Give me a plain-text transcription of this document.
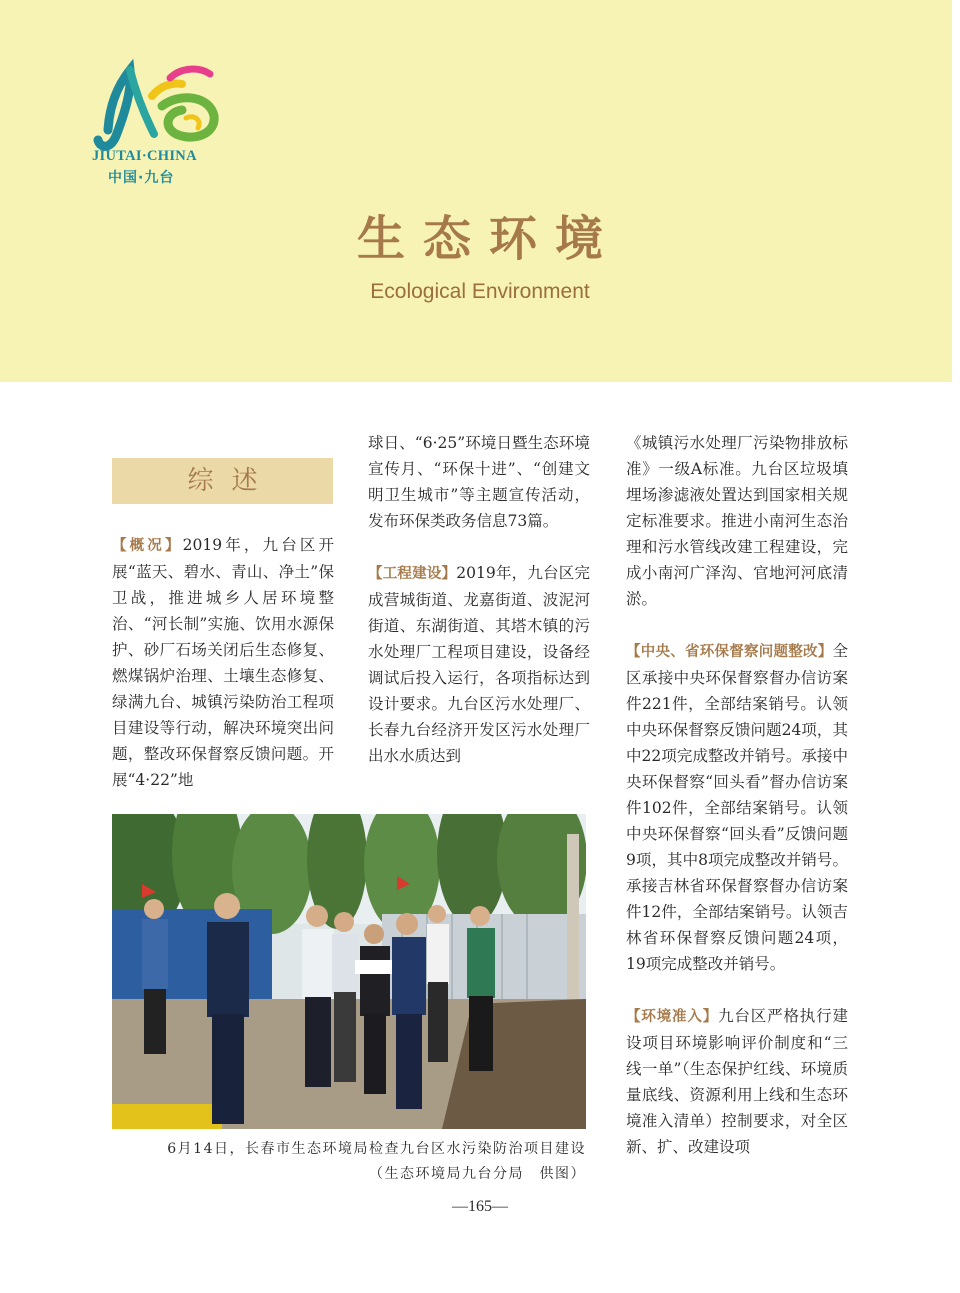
JIUTAI·CHINA
中国·九台
生态环境
Ecological Environment
综述

【概况】2019年，九台区开展“蓝天、碧水、青山、净土”保卫战，推进城乡人居环境整治、“河长制”实施、饮用水源保护、砂厂石场关闭后生态修复、燃煤锅炉治理、土壤生态修复、绿满九台、城镇污染防治工程项目建设等行动，解决环境突出问题，整改环保督察反馈问题。开展“4·22”地

球日、“6·25”环境日暨生态环境宣传月、“环保十进”、“创建文明卫生城市”等主题宣传活动，发布环保类政务信息73篇。

【工程建设】2019年，九台区完成营城街道、龙嘉街道、波泥河街道、东湖街道、其塔木镇的污水处理厂工程项目建设，设备经调试后投入运行，各项指标达到设计要求。九台区污水处理厂、长春九台经济开发区污水处理厂出水水质达到

《城镇污水处理厂污染物排放标准》一级A标准。九台区垃圾填埋场渗滤液处置达到国家相关规定标准要求。推进小南河生态治理和污水管线改建工程建设，完成小南河广泽沟、官地河河底清淤。

【中央、省环保督察问题整改】全区承接中央环保督察督办信访案件221件，全部结案销号。认领中央环保督察反馈问题24项，其中22项完成整改并销号。承接中央环保督察“回头看”督办信访案件102件，全部结案销号。认领中央环保督察“回头看”反馈问题9项，其中8项完成整改并销号。承接吉林省环保督察督办信访案件12件，全部结案销号。认领吉林省环保督察反馈问题24项，19项完成整改并销号。

【环境准入】九台区严格执行建设项目环境影响评价制度和“三线一单”（生态保护红线、环境质量底线、资源利用上线和生态环境准入清单）控制要求，对全区新、扩、改建设项

6月14日，长春市生态环境局检查九台区水污染防治项目建设
（生态环境局九台分局　供图）
—165—
